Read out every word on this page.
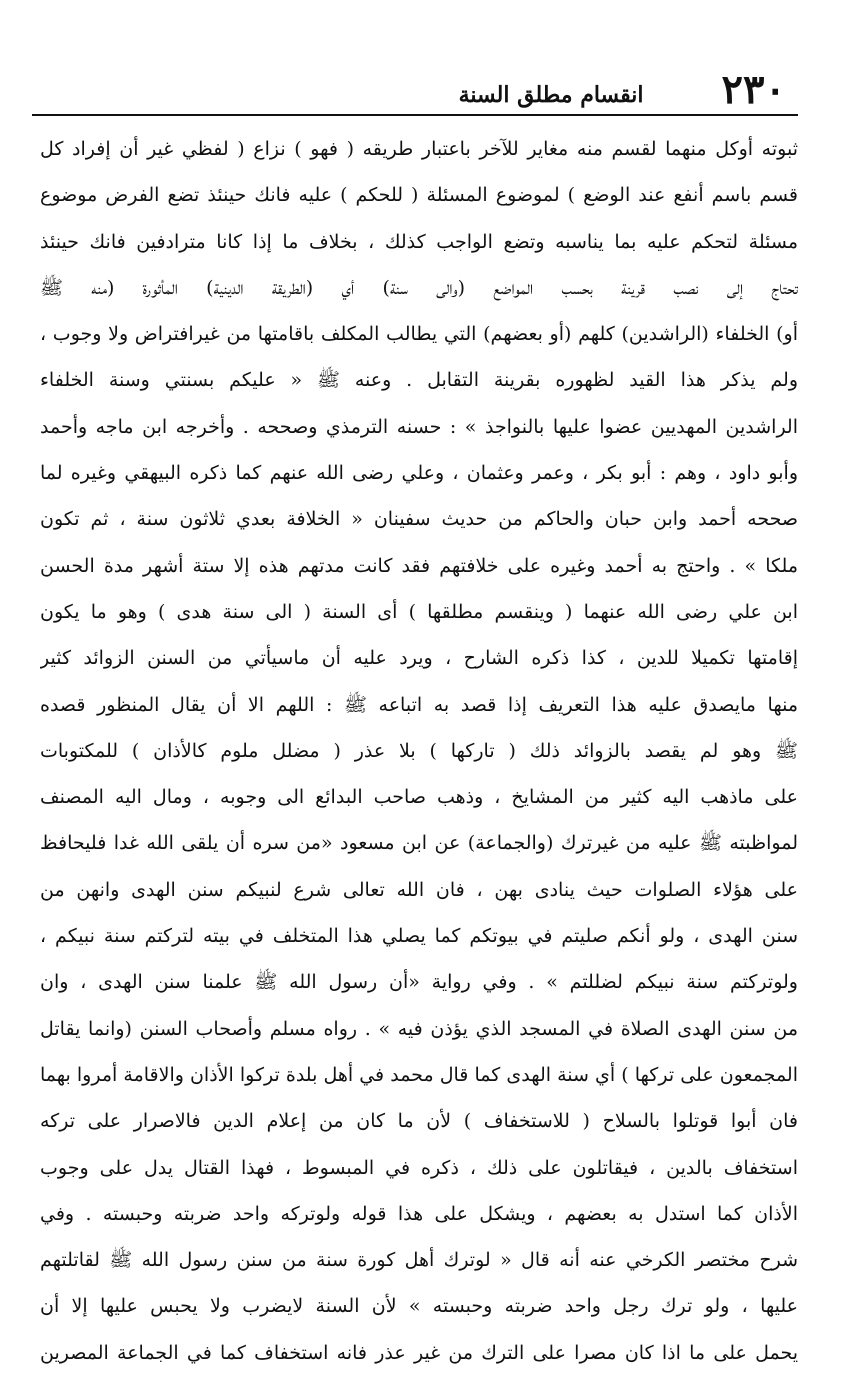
٢٣٠
انقسام مطلق السنة
ثبوته أوكل منهما لقسم منه مغاير للآخر باعتبار طريقه ( فهو ) نزاع ( لفظي غير أن إفراد كل
قسم باسم أنفع عند الوضع ) لموضوع المسئلة ( للحكم ) عليه فانك حينئذ تضع الفرض موضوع
مسئلة لتحكم عليه بما يناسبه وتضع الواجب كذلك ، بخلاف ما إذا كانا مترادفين فانك حينئذ
تحتاج إلى نصب قرينة بحسب المواضع (والى سنة) أي (الطريقة الدينية) المأثورة (منه ﷺ
أو) الخلفاء (الراشدين) كلهم (أو بعضهم) التي يطالب المكلف باقامتها من غيرافتراض ولا وجوب ،
ولم يذكر هذا القيد لظهوره بقرينة التقابل . وعنه ﷺ « عليكم بسنتي وسنة الخلفاء
الراشدين المهديين عضوا عليها بالنواجذ » : حسنه الترمذي وصححه . وأخرجه ابن ماجه وأحمد
وأبو داود ، وهم : أبو بكر ، وعمر وعثمان ، وعلي رضى الله عنهم كما ذكره البيهقي وغيره لما
صححه أحمد وابن حبان والحاكم من حديث سفينان « الخلافة بعدي ثلاثون سنة ، ثم تكون
ملكا » . واحتج به أحمد وغيره على خلافتهم فقد كانت مدتهم هذه إلا ستة أشهر مدة الحسن
ابن علي رضى الله عنهما ( وينقسم مطلقها ) أى السنة ( الى سنة هدى ) وهو ما يكون
إقامتها تكميلا للدين ، كذا ذكره الشارح ، ويرد عليه أن ماسيأتي من السنن الزوائد كثير
منها مايصدق عليه هذا التعريف إذا قصد به اتباعه ﷺ : اللهم الا أن يقال المنظور قصده
ﷺ وهو لم يقصد بالزوائد ذلك ( تاركها ) بلا عذر ( مضلل ملوم كالأذان ) للمكتوبات
على ماذهب اليه كثير من المشايخ ، وذهب صاحب البدائع الى وجوبه ، ومال اليه المصنف
لمواظبته ﷺ عليه من غيرترك (والجماعة) عن ابن مسعود «من سره أن يلقى الله غدا فليحافظ
على هؤلاء الصلوات حيث ينادى بهن ، فان الله تعالى شرع لنبيكم سنن الهدى وانهن من
سنن الهدى ، ولو أنكم صليتم في بيوتكم كما يصلي هذا المتخلف في بيته لتركتم سنة نبيكم ،
ولوتركتم سنة نبيكم لضللتم » . وفي رواية «أن رسول الله ﷺ علمنا سنن الهدى ، وان
من سنن الهدى الصلاة في المسجد الذي يؤذن فيه » . رواه مسلم وأصحاب السنن (وانما يقاتل
المجمعون على تركها ) أي سنة الهدى كما قال محمد في أهل بلدة تركوا الأذان والاقامة أمروا بهما
فان أبوا قوتلوا بالسلاح ( للاستخفاف ) لأن ما كان من إعلام الدين فالاصرار على تركه
استخفاف بالدين ، فيقاتلون على ذلك ، ذكره في المبسوط ، فهذا القتال يدل على وجوب
الأذان كما استدل به بعضهم ، ويشكل على هذا قوله ولوتركه واحد ضربته وحبسته . وفي
شرح مختصر الكرخي عنه أنه قال « لوترك أهل كورة سنة من سنن رسول الله ﷺ لقاتلتهم
عليها ، ولو ترك رجل واحد ضربته وحبسته » لأن السنة لايضرب ولا يحبس عليها إلا أن
يحمل على ما اذا كان مصرا على الترك من غير عذر فانه استخفاف كما في الجماعة المصرين
